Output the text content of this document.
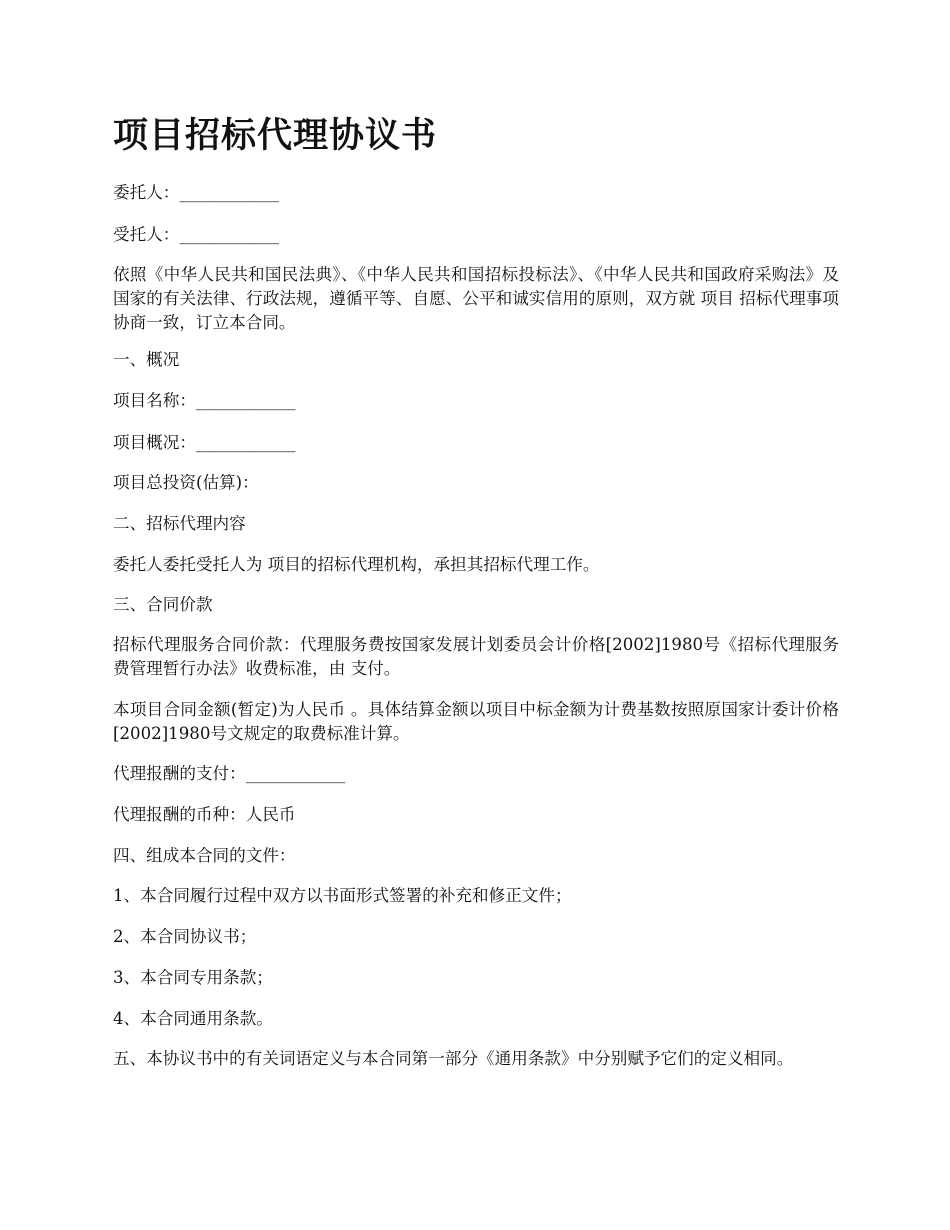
项目招标代理协议书

委托人：____________

受托人：____________

依照《中华人民共和国民法典》、《中华人民共和国招标投标法》、《中华人民共和国政府采购法》及国家的有关法律、行政法规，遵循平等、自愿、公平和诚实信用的原则，双方就 项目 招标代理事项协商一致，订立本合同。

一、概况

项目名称：____________

项目概况：____________

项目总投资(估算)：

二、招标代理内容

委托人委托受托人为 项目的招标代理机构，承担其招标代理工作。

三、合同价款

招标代理服务合同价款：代理服务费按国家发展计划委员会计价格[2002]1980号《招标代理服务费管理暂行办法》收费标准，由 支付。

本项目合同金额(暂定)为人民币 。具体结算金额以项目中标金额为计费基数按照原国家计委计价格[2002]1980号文规定的取费标准计算。

代理报酬的支付：____________

代理报酬的币种：人民币

四、组成本合同的文件：

1、本合同履行过程中双方以书面形式签署的补充和修正文件；

2、本合同协议书；

3、本合同专用条款；

4、本合同通用条款。

五、本协议书中的有关词语定义与本合同第一部分《通用条款》中分别赋予它们的定义相同。
